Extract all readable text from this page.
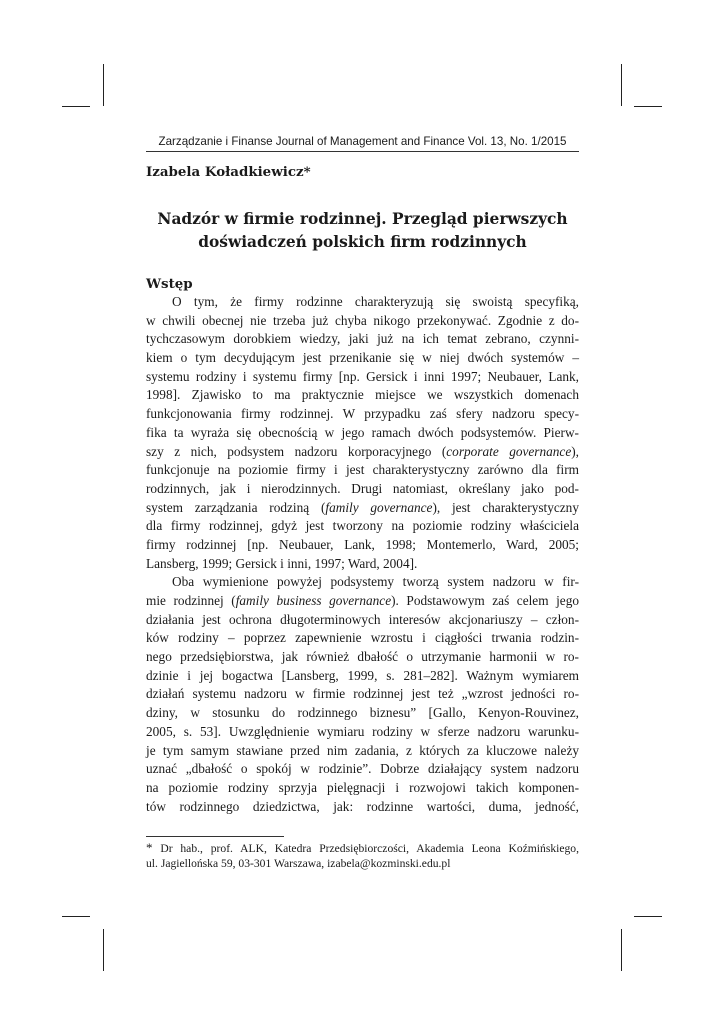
Zarządzanie i Finanse Journal of Management and Finance Vol. 13, No. 1/2015
Izabela Koładkiewicz*
Nadzór w firmie rodzinnej. Przegląd pierwszych
doświadczeń polskich firm rodzinnych
Wstęp
O tym, że firmy rodzinne charakteryzują się swoistą specyfiką,
w chwili obecnej nie trzeba już chyba nikogo przekonywać. Zgodnie z do-
tychczasowym dorobkiem wiedzy, jaki już na ich temat zebrano, czynni-
kiem o tym decydującym jest przenikanie się w niej dwóch systemów –
systemu rodziny i systemu firmy [np. Gersick i inni 1997; Neubauer, Lank,
1998]. Zjawisko to ma praktycznie miejsce we wszystkich domenach
funkcjonowania firmy rodzinnej. W przypadku zaś sfery nadzoru specy-
fika ta wyraża się obecnością w jego ramach dwóch podsystemów. Pierw-
szy z nich, podsystem nadzoru korporacyjnego (corporate governance),
funkcjonuje na poziomie firmy i jest charakterystyczny zarówno dla firm
rodzinnych, jak i nierodzinnych. Drugi natomiast, określany jako pod-
system zarządzania rodziną (family governance), jest charakterystyczny
dla firmy rodzinnej, gdyż jest tworzony na poziomie rodziny właściciela
firmy rodzinnej [np. Neubauer, Lank, 1998; Montemerlo, Ward, 2005;
Lansberg, 1999; Gersick i inni, 1997; Ward, 2004].
Oba wymienione powyżej podsystemy tworzą system nadzoru w fir-
mie rodzinnej (family business governance). Podstawowym zaś celem jego
działania jest ochrona długoterminowych interesów akcjonariuszy – człon-
ków rodziny – poprzez zapewnienie wzrostu i ciągłości trwania rodzin-
nego przedsiębiorstwa, jak również dbałość o utrzymanie harmonii w ro-
dzinie i jej bogactwa [Lansberg, 1999, s. 281–282]. Ważnym wymiarem
działań systemu nadzoru w firmie rodzinnej jest też „wzrost jedności ro-
dziny, w stosunku do rodzinnego biznesu” [Gallo, Kenyon-Rouvinez,
2005, s. 53]. Uwzględnienie wymiaru rodziny w sferze nadzoru warunku-
je tym samym stawiane przed nim zadania, z których za kluczowe należy
uznać „dbałość o spokój w rodzinie”. Dobrze działający system nadzoru
na poziomie rodziny sprzyja pielęgnacji i rozwojowi takich komponen-
tów rodzinnego dziedzictwa, jak: rodzinne wartości, duma, jedność,
* Dr hab., prof. ALK, Katedra Przedsiębiorczości, Akademia Leona Koźmińskiego,
ul. Jagiellońska 59, 03-301 Warszawa, izabela@kozminski.edu.pl
